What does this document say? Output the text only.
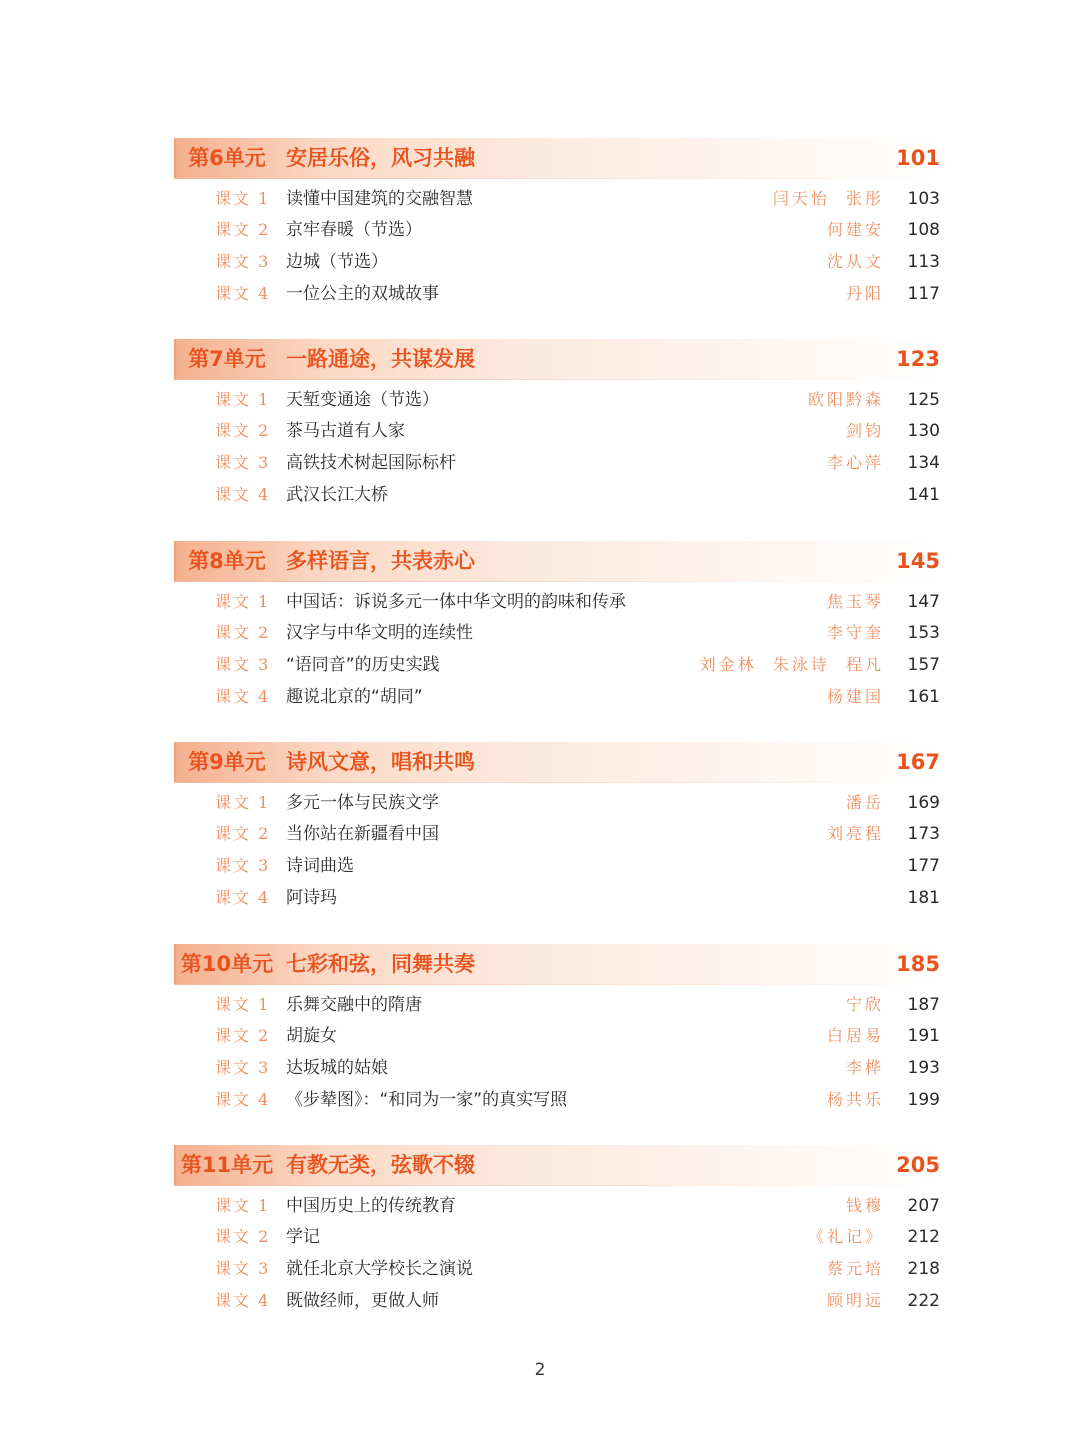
第6单元 安居乐俗，风习共融	101
课文 1 读懂中国建筑的交融智慧	闫天怡  张彤 103
课文 2 京牢春暖（节选）	何建安 108
课文 3 边城（节选）	沈从文 113
课文 4 一位公主的双城故事	丹阳 117
第7单元 一路通途，共谋发展	123
课文 1 天堑变通途（节选）	欧阳黔森 125
课文 2 茶马古道有人家	剑钧 130
课文 3 高铁技术树起国际标杆	李心萍 134
课文 4 武汉长江大桥	141
第8单元 多样语言，共表赤心	145
课文 1 中国话：诉说多元一体中华文明的韵味和传承	焦玉琴 147
课文 2 汉字与中华文明的连续性	李守奎 153
课文 3 “语同音”的历史实践	刘金林  朱泳诗  程凡 157
课文 4 趣说北京的“胡同”	杨建国 161
第9单元 诗风文意，唱和共鸣	167
课文 1 多元一体与民族文学	潘岳 169
课文 2 当你站在新疆看中国	刘亮程 173
课文 3 诗词曲选	177
课文 4 阿诗玛	181
第10单元 七彩和弦，同舞共奏	185
课文 1 乐舞交融中的隋唐	宁欣 187
课文 2 胡旋女	白居易 191
课文 3 达坂城的姑娘	李桦 193
课文 4 《步辇图》：“和同为一家”的真实写照	杨共乐 199
第11单元 有教无类，弦歌不辍	205
课文 1 中国历史上的传统教育	钱穆 207
课文 2 学记	《礼记》 212
课文 3 就任北京大学校长之演说	蔡元培 218
课文 4 既做经师，更做人师	顾明远 222
2
